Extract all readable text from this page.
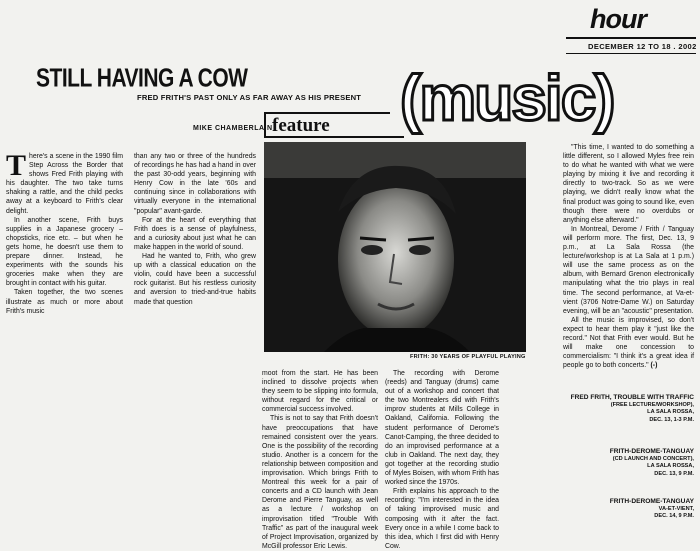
hour
DECEMBER 12 TO 18 . 2002
STILL HAVING A COW
FRED FRITH'S PAST ONLY AS FAR AWAY AS HIS PRESENT (music)
MIKE CHAMBERLAIN feature

There's a scene in the 1990 film Step Across the Border that shows Fred Frith playing with his daughter. The two take turns shaking a rattle, and the child pecks away at a keyboard to Frith's clear delight.

In another scene, Frith buys supplies in a Japanese grocery – chopsticks, rice etc. – but when he gets home, he doesn't use them to prepare dinner. Instead, he experiments with the sounds his groceries make when they are brought in contact with his guitar.

Taken together, the two scenes illustrate as much or more about Frith's music

than any two or three of the hundreds of recordings he has had a hand in over the past 30-odd years, beginning with Henry Cow in the late '60s and continuing since in collaborations with virtually everyone in the international "popular" avant-garde.

For at the heart of everything that Frith does is a sense of playfulness, and a curiosity about just what he can make happen in the world of sound.

Had he wanted to, Frith, who grew up with a classical education on the violin, could have been a successful rock guitarist. But his restless curiosity and aversion to tried-and-true habits made that question

FRITH: 30 YEARS OF PLAYFUL PLAYING

moot from the start. He has been inclined to dissolve projects when they seem to be slipping into formula, without regard for the critical or commercial success involved.

This is not to say that Frith doesn't have preoccupations that have remained consistent over the years. One is the possibility of the recording studio. Another is a concern for the relationship between composition and improvisation. Which brings Frith to Montreal this week for a pair of concerts and a CD launch with Jean Derome and Pierre Tanguay, as well as a lecture / workshop on improvisation titled "Trouble With Traffic" as part of the inaugural week of Project Improvisation, organized by McGill professor Eric Lewis.

The recording with Derome (reeds) and Tanguay (drums) came out of a workshop and concert that the two Montrealers did with Frith's improv students at Mills College in Oakland, California. Following the student performance of Derome's Canot-Camping, the three decided to do an improvised performance at a club in Oakland. The next day, they got together at the recording studio of Myles Boisen, with whom Frith has worked since the 1970s.

Frith explains his approach to the recording: "I'm interested in the idea of taking improvised music and composing with it after the fact. Every once in a while I come back to this idea, which I first did with Henry Cow.

"This time, I wanted to do something a little different, so I allowed Myles free rein to do what he wanted with what we were playing by mixing it live and recording it directly to two-track. So as we were playing, we didn't really know what the final product was going to sound like, even though there were no overdubs or anything else afterward."

In Montreal, Derome / Frith / Tanguay will perform more. The first, Dec. 13, 9 p.m., at La Sala Rossa (the lecture/workshop is at La Sala at 1 p.m.) will use the same process as on the album, with Bernard Grenon electronically manipulating what the trio plays in real time. The second performance, at Va-et-vient (3706 Notre-Dame W.) on Saturday evening, will be an "acoustic" presentation.

All the music is improvised, so don't expect to hear them play it "just like the record." Not that Frith ever would. But he will make one concession to commercialism: "I think it's a great idea if people go to both concerts." (-)

FRED FRITH, TROUBLE WITH TRAFFIC
(FREE LECTURE/WORKSHOP),
LA SALA ROSSA,
DEC. 13, 1-3 P.M.
FRITH-DEROME-TANGUAY
(CD LAUNCH AND CONCERT),
LA SALA ROSSA,
DEC. 13, 9 P.M.
FRITH-DEROME-TANGUAY
VA-ET-VIENT,
DEC. 14, 9 P.M.
